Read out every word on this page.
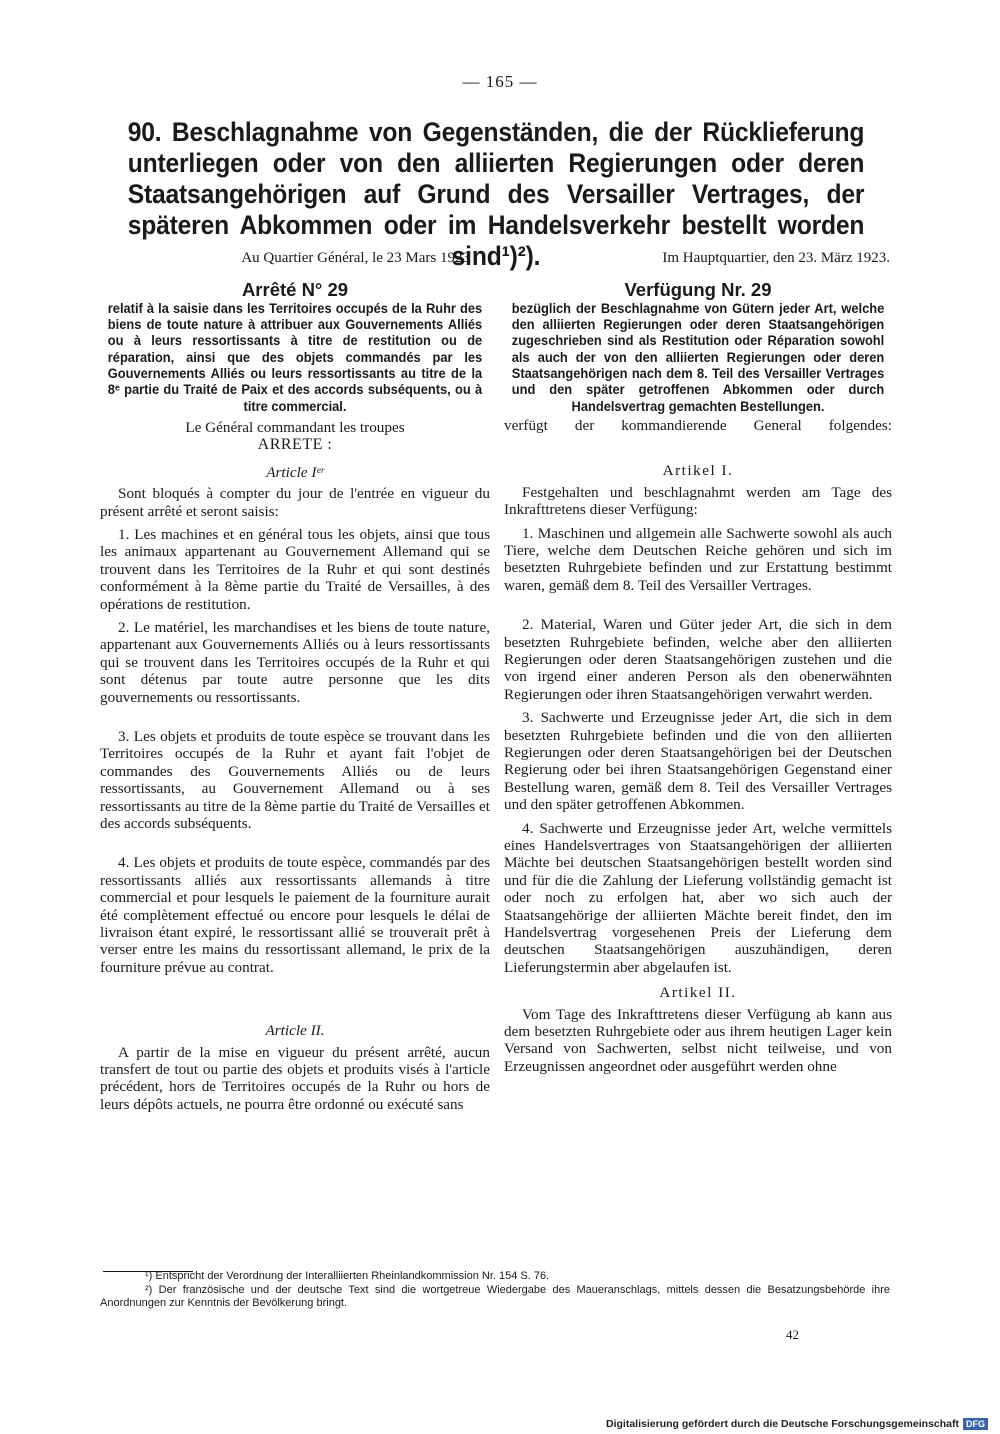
— 165 —
90. Beschlagnahme von Gegenständen, die der Rücklieferung unterliegen oder von den alliierten Regierungen oder deren Staatsangehörigen auf Grund des Versailler Vertrages, der späteren Abkommen oder im Handelsverkehr bestellt worden sind¹)²).
Au Quartier Général, le 23 Mars 1923
Arrêté N° 29
relatif à la saisie dans les Territoires occupés de la Ruhr des biens de toute nature à attribuer aux Gouvernements Alliés ou à leurs ressortissants à titre de restitution ou de réparation, ainsi que des objets commandés par les Gouvernements Alliés ou leurs ressortissants au titre de la 8ᵉ partie du Traité de Paix et des accords subséquents, ou à titre commercial.
Le Général commandant les troupes
ARRETE :
Article Iᵉʳ

Sont bloqués à compter du jour de l'entrée en vigueur du présent arrêté et seront saisis:

1. Les machines et en général tous les objets, ainsi que tous les animaux appartenant au Gouvernement Allemand qui se trouvent dans les Territoires de la Ruhr et qui sont destinés conformément à la 8ème partie du Traité de Versailles, à des opérations de restitution.

2. Le matériel, les marchandises et les biens de toute nature, appartenant aux Gouvernements Alliés ou à leurs ressortissants qui se trouvent dans les Territoires occupés de la Ruhr et qui sont détenus par toute autre personne que les dits gouvernements ou ressortissants.

3. Les objets et produits de toute espèce se trouvant dans les Territoires occupés de la Ruhr et ayant fait l'objet de commandes des Gouvernements Alliés ou de leurs ressortissants, au Gouvernement Allemand ou à ses ressortissants au titre de la 8ème partie du Traité de Versailles et des accords subséquents.

4. Les objets et produits de toute espèce, commandés par des ressortissants alliés aux ressortissants allemands à titre commercial et pour lesquels le paiement de la fourniture aurait été complètement effectué ou encore pour lesquels le délai de livraison étant expiré, le ressortissant allié se trouverait prêt à verser entre les mains du ressortissant allemand, le prix de la fourniture prévue au contrat.

Article II.

A partir de la mise en vigueur du présent arrêté, aucun transfert de tout ou partie des objets et produits visés à l'article précédent, hors de Territoires occupés de la Ruhr ou hors de leurs dépôts actuels, ne pourra être ordonné ou exécuté sans

Im Hauptquartier, den 23. März 1923.
Verfügung Nr. 29
bezüglich der Beschlagnahme von Gütern jeder Art, welche den alliierten Regierungen oder deren Staatsangehörigen zugeschrieben sind als Restitution oder Réparation sowohl als auch der von den alliierten Regierungen oder deren Staatsangehörigen nach dem 8. Teil des Versailler Vertrages und den später getroffenen Abkommen oder durch Handelsvertrag gemachten Bestellungen.
verfügt der kommandierende General folgendes:
Artikel I.

Festgehalten und beschlagnahmt werden am Tage des Inkrafttretens dieser Verfügung:

1. Maschinen und allgemein alle Sachwerte sowohl als auch Tiere, welche dem Deutschen Reiche gehören und sich im besetzten Ruhrgebiete befinden und zur Erstattung bestimmt waren, gemäß dem 8. Teil des Versailler Vertrages.

2. Material, Waren und Güter jeder Art, die sich in dem besetzten Ruhrgebiete befinden, welche aber den alliierten Regierungen oder deren Staatsangehörigen zustehen und die von irgend einer anderen Person als den obenerwähnten Regierungen oder ihren Staatsangehörigen verwahrt werden.

3. Sachwerte und Erzeugnisse jeder Art, die sich in dem besetzten Ruhrgebiete befinden und die von den alliierten Regierungen oder deren Staatsangehörigen bei der Deutschen Regierung oder bei ihren Staatsangehörigen Gegenstand einer Bestellung waren, gemäß dem 8. Teil des Versailler Vertrages und den später getroffenen Abkommen.

4. Sachwerte und Erzeugnisse jeder Art, welche vermittels eines Handelsvertrages von Staatsangehörigen der alliierten Mächte bei deutschen Staatsangehörigen bestellt worden sind und für die die Zahlung der Lieferung vollständig gemacht ist oder noch zu erfolgen hat, aber wo sich auch der Staatsangehörige der alliierten Mächte bereit findet, den im Handelsvertrag vorgesehenen Preis der Lieferung dem deutschen Staatsangehörigen auszuhändigen, deren Lieferungstermin aber abgelaufen ist.

Artikel II.

Vom Tage des Inkrafttretens dieser Verfügung ab kann aus dem besetzten Ruhrgebiete oder aus ihrem heutigen Lager kein Versand von Sachwerten, selbst nicht teilweise, und von Erzeugnissen angeordnet oder ausgeführt werden ohne

¹) Entspricht der Verordnung der Interalliierten Rheinlandkommission Nr. 154 S. 76.
²) Der französische und der deutsche Text sind die wortgetreue Wiedergabe des Maueranschlags, mittels dessen die Besatzungsbehörde ihre Anordnungen zur Kenntnis der Bevölkerung bringt.
42
Digitalisierung gefördert durch die Deutsche Forschungsgemeinschaft DFG
